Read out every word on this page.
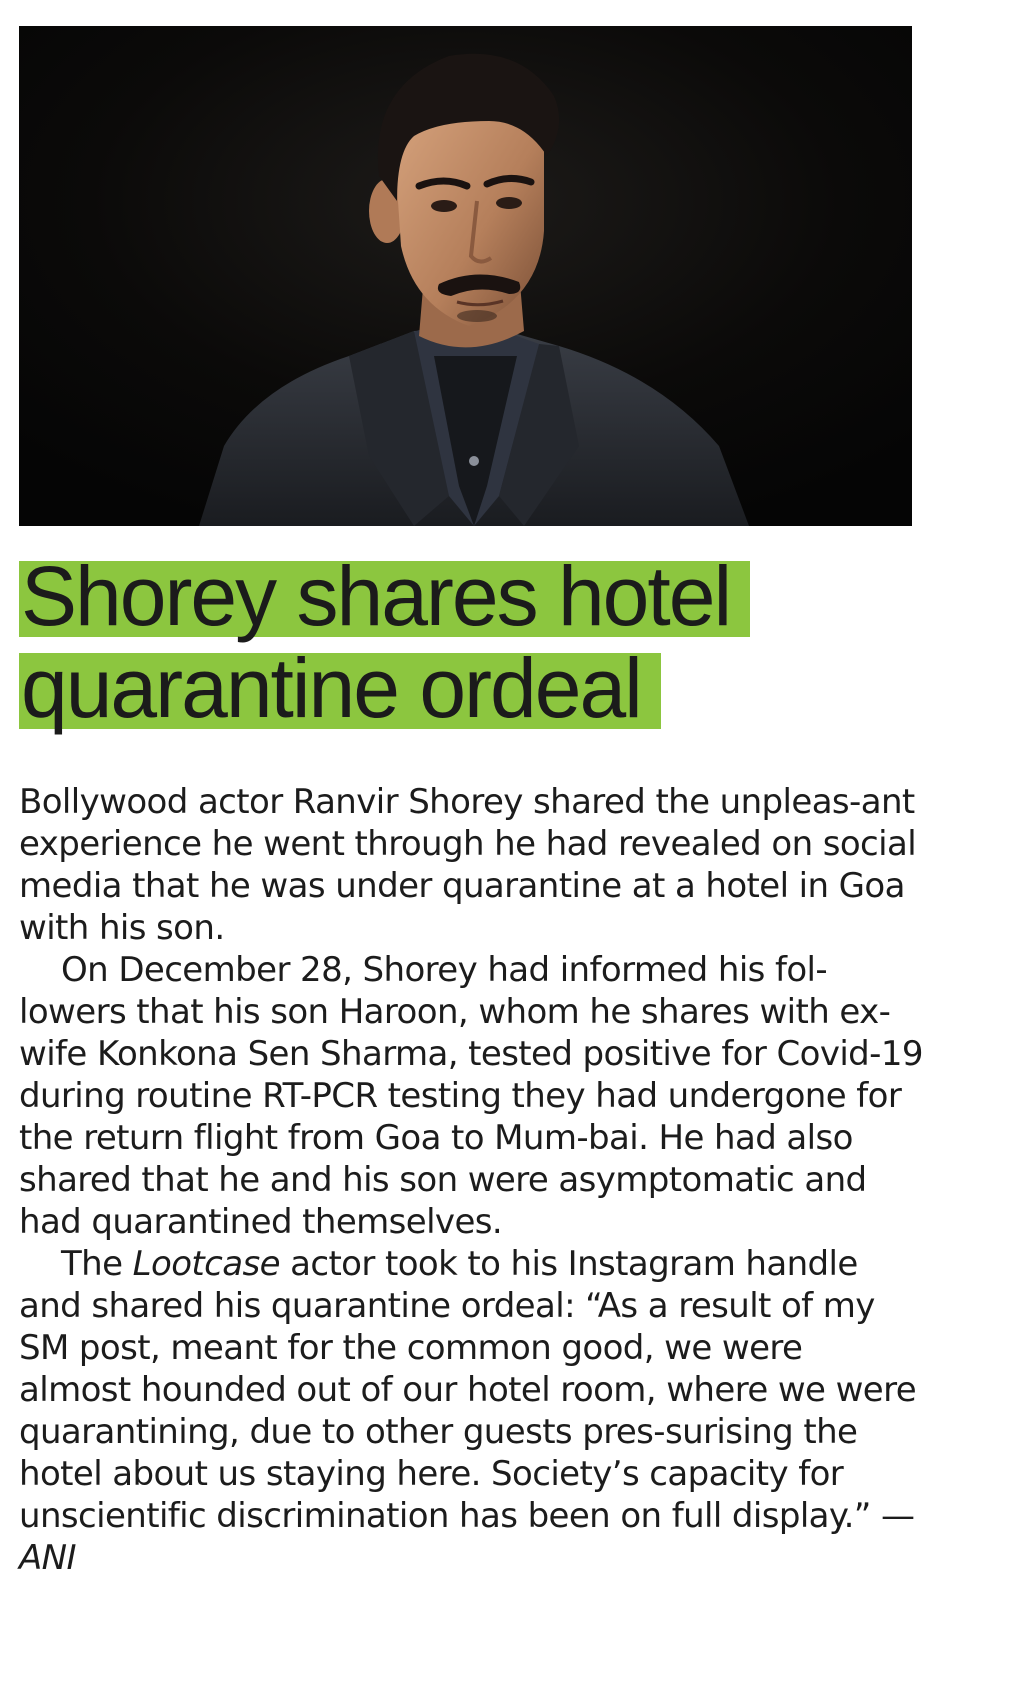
Shorey shares hotel
quarantine ordeal

Bollywood actor Ranvir Shorey shared the unpleas-ant experience he went through he had revealed on social media that he was under quarantine at a hotel in Goa with his son.

On December 28, Shorey had informed his fol-lowers that his son Haroon, whom he shares with ex-wife Konkona Sen Sharma, tested positive for Covid-19 during routine RT-PCR testing they had undergone for the return flight from Goa to Mum-bai. He had also shared that he and his son were asymptomatic and had quarantined themselves.

The Lootcase actor took to his Instagram handle and shared his quarantine ordeal: “As a result of my SM post, meant for the common good, we were almost hounded out of our hotel room, where we were quarantining, due to other guests pres-surising the hotel about us staying here. Society’s capacity for unscientific discrimination has been on full display.” — ANI
